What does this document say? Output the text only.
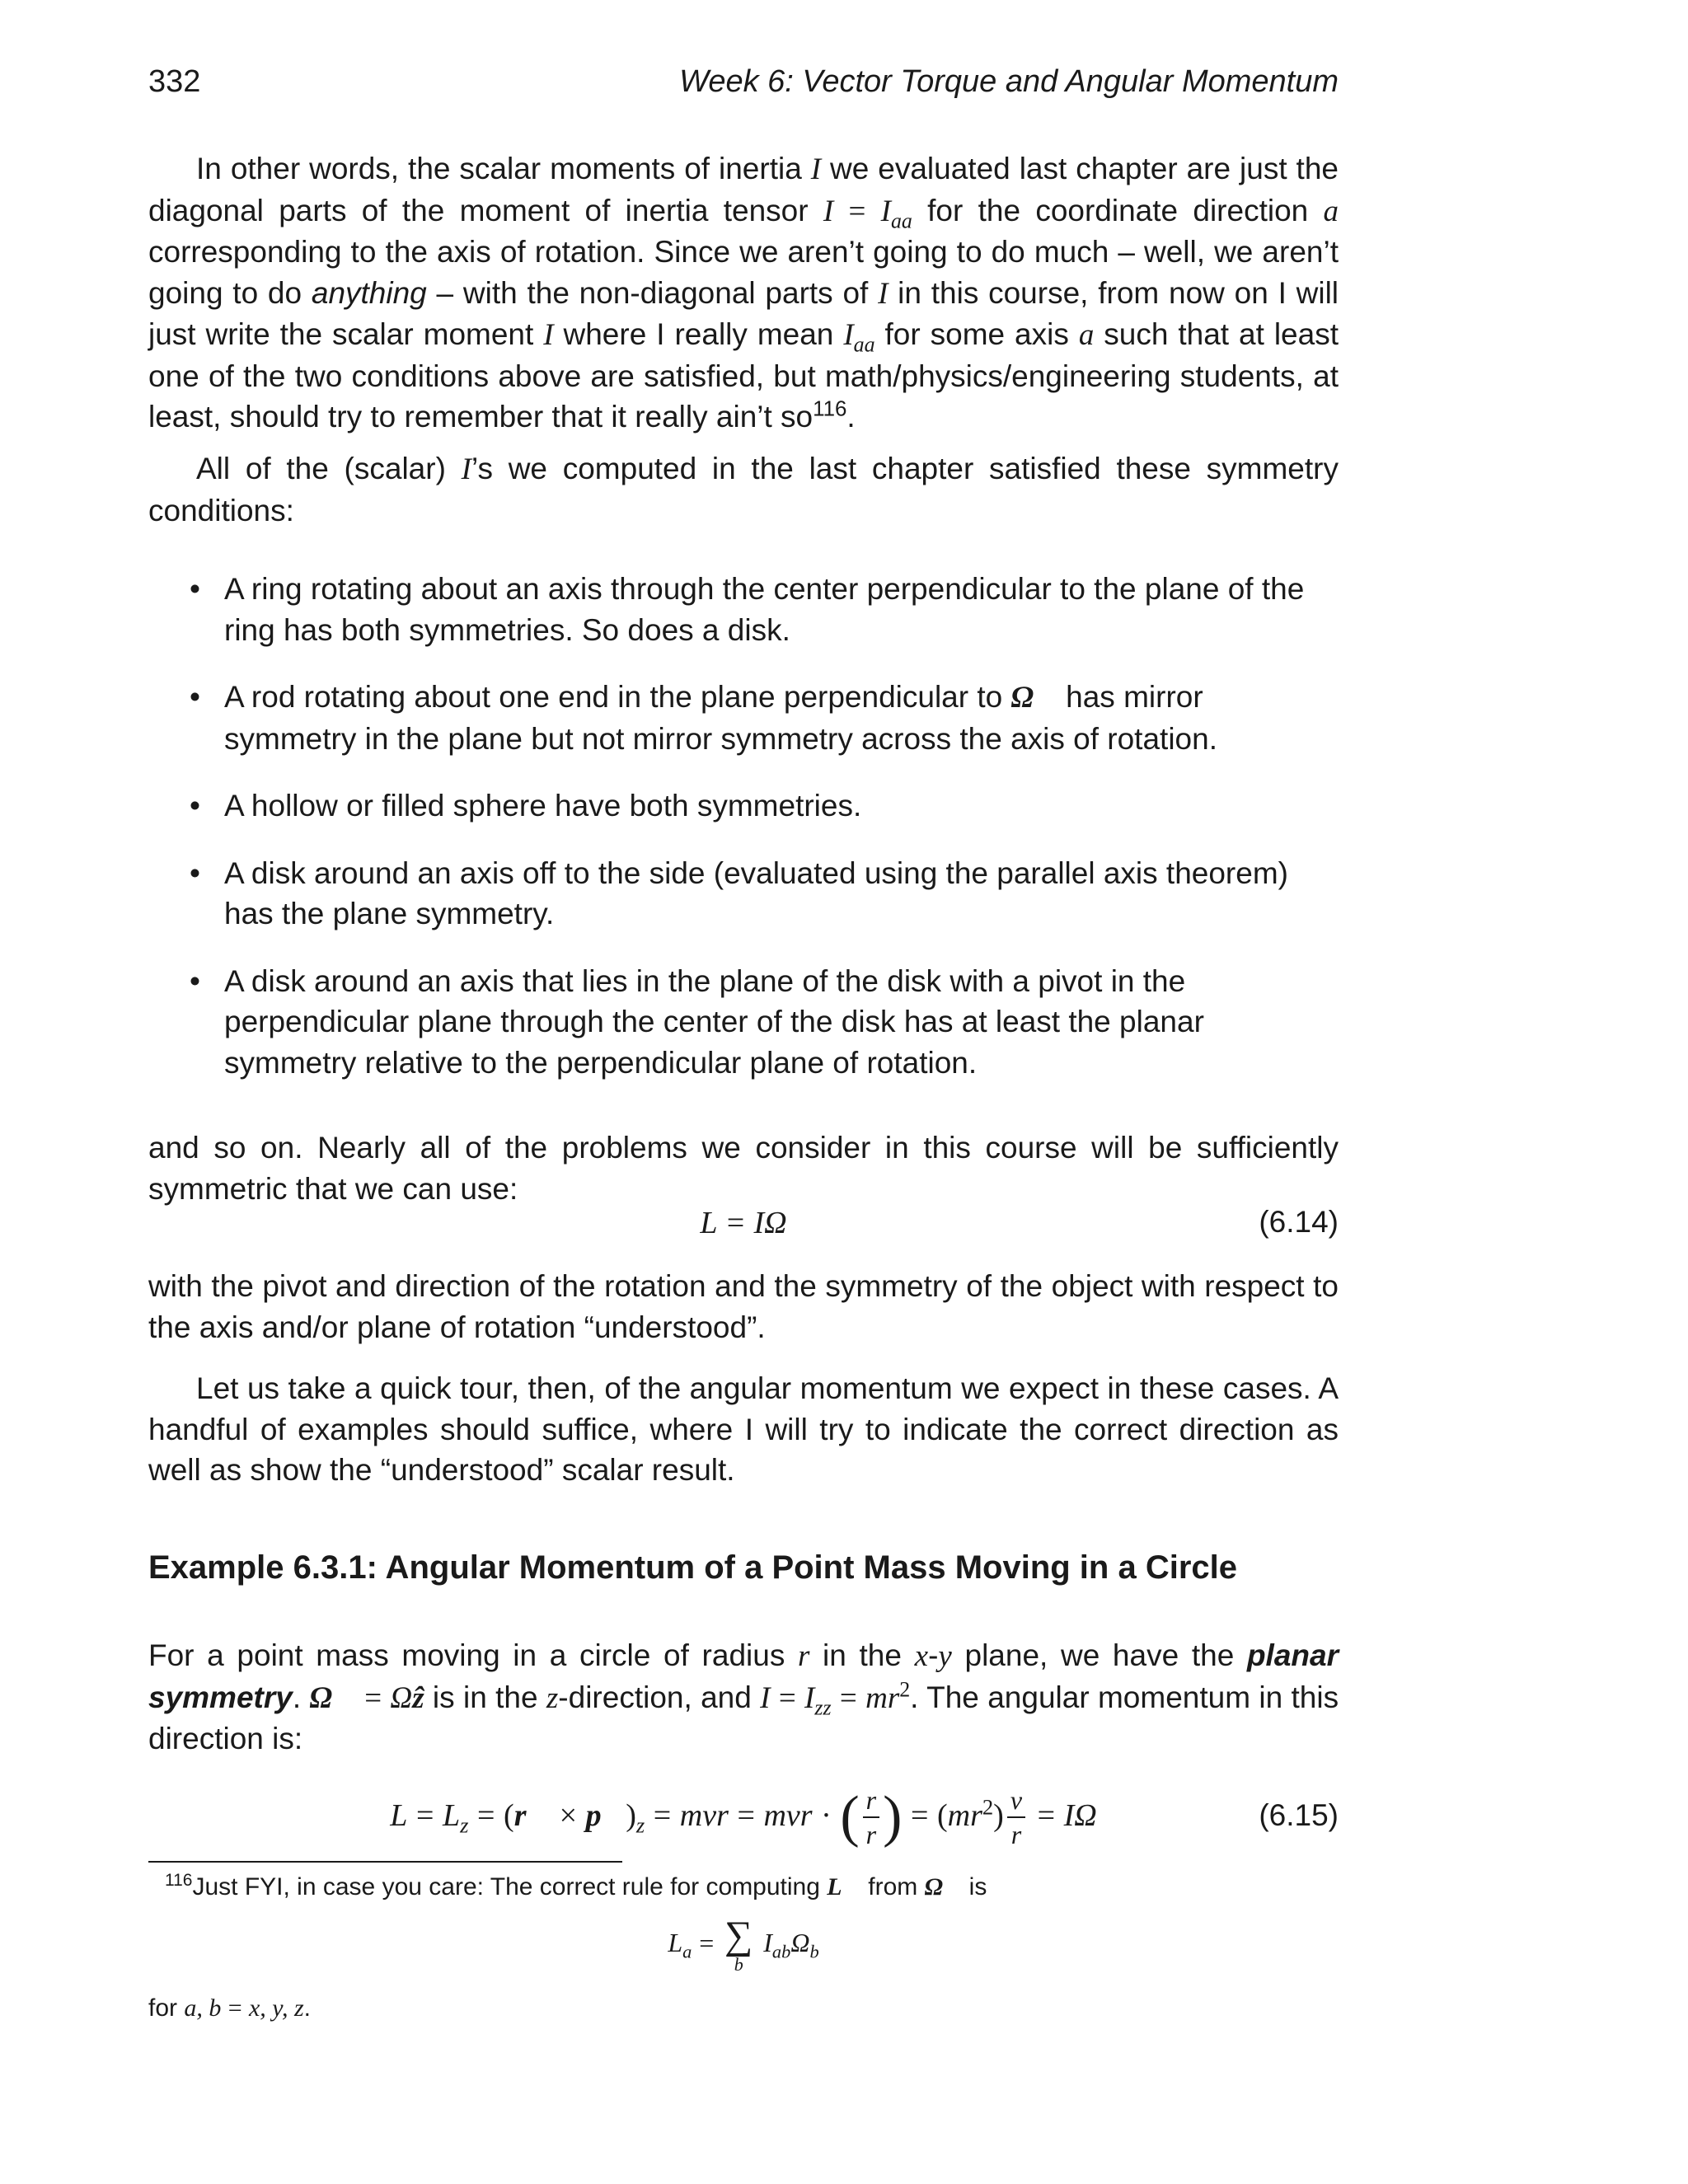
332	Week 6: Vector Torque and Angular Momentum

In other words, the scalar moments of inertia I we evaluated last chapter are just the diagonal parts of the moment of inertia tensor $I = I_{aa}$ for the coordinate direction a corresponding to the axis of rotation. Since we aren’t going to do much – well, we aren’t going to do anything – with the non-diagonal parts of I in this course, from now on I will just write the scalar moment I where I really mean $I_{aa}$ for some axis a such that at least one of the two conditions above are satisfied, but math/physics/engineering students, at least, should try to remember that it really ain’t $so^{116}$.

All of the (scalar) I’s we computed in the last chapter satisfied these symmetry conditions:

• A ring rotating about an axis through the center perpendicular to the plane of the ring has both symmetries. So does a disk.
• A rod rotating about one end in the plane perpendicular to Ω⃗ has mirror symmetry in the plane but not mirror symmetry across the axis of rotation.
• A hollow or filled sphere have both symmetries.
• A disk around an axis off to the side (evaluated using the parallel axis theorem) has the plane symmetry.
• A disk around an axis that lies in the plane of the disk with a pivot in the perpendicular plane through the center of the disk has at least the planar symmetry relative to the perpendicular plane of rotation.

and so on. Nearly all of the problems we consider in this course will be sufficiently symmetric that we can use:

L = IΩ	(6.14)

with the pivot and direction of the rotation and the symmetry of the object with respect to the axis and/or plane of rotation “understood”.

Let us take a quick tour, then, of the angular momentum we expect in these cases. A handful of examples should suffice, where I will try to indicate the correct direction as well as show the “understood” scalar result.

Example 6.3.1: Angular Momentum of a Point Mass Moving in a Circle

For a point mass moving in a circle of radius r in the x-y plane, we have the planar symmetry. Ω⃗ = Ωẑ is in the z-direction, and $I = I_{zz} = mr^2$. The angular momentum in this direction is:

$L = L_z$ = (r⃗ × $p⃗)_z$ = mvr = mvr · ( $\frac{r}{r}$ ) = $(mr^2) \frac{v}{r} = I\Omega$	(6.15)

$^{116}$Just FYI, in case you care: The correct rule for computing L⃗ from Ω⃗ is

$L_a$ = ∑
b
$I_{ab}\Omega_b$

for a, b = x, y, z.
